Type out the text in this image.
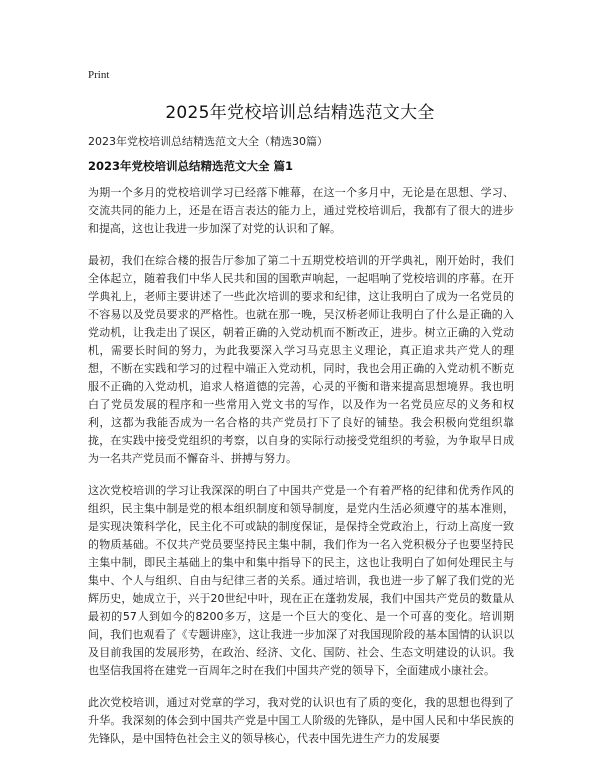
Print
2025年党校培训总结精选范文大全
2023年党校培训总结精选范文大全（精选30篇）
2023年党校培训总结精选范文大全 篇1

为期一个多月的党校培训学习已经落下帷幕，在这一个多月中，无论是在思想、学习、交流共同的能力上，还是在语言表达的能力上，通过党校培训后，我都有了很大的进步和提高，这也让我进一步加深了对党的认识和了解。

最初，我们在综合楼的报告厅参加了第二十五期党校培训的开学典礼，刚开始时，我们全体起立，随着我们中华人民共和国的国歌声响起，一起唱响了党校培训的序幕。在开学典礼上，老师主要讲述了一些此次培训的要求和纪律，这让我明白了成为一名党员的不容易以及党员要求的严格性。也就在那一晚，吴汉桥老师让我明白了什么是正确的入党动机，让我走出了误区，朝着正确的入党动机而不断改正，进步。树立正确的入党动机，需要长时间的努力，为此我要深入学习马克思主义理论，真正追求共产党人的理想，不断在实践和学习的过程中端正入党动机，同时，我也会用正确的入党动机不断克服不正确的入党动机，追求人格道德的完善，心灵的平衡和谐来提高思想境界。我也明白了党员发展的程序和一些常用入党文书的写作，以及作为一名党员应尽的义务和权利，这都为我能否成为一名合格的共产党员打下了良好的铺垫。我会积极向党组织靠拢，在实践中接受党组织的考察，以自身的实际行动接受党组织的考验，为争取早日成为一名共产党员而不懈奋斗、拼搏与努力。

这次党校培训的学习让我深深的明白了中国共产党是一个有着严格的纪律和优秀作风的组织，民主集中制是党的根本组织制度和领导制度，是党内生活必须遵守的基本准则，是实现决策科学化，民主化不可或缺的制度保证，是保持全党政治上，行动上高度一致的物质基础。不仅共产党员要坚持民主集中制，我们作为一名入党积极分子也要坚持民主集中制，即民主基础上的集中和集中指导下的民主，这也让我明白了如何处理民主与集中、个人与组织、自由与纪律三者的关系。通过培训，我也进一步了解了我们党的光辉历史，她成立于，兴于20世纪中叶，现在正在蓬勃发展，我们中国共产党员的数量从最初的57人到如今的8200多万，这是一个巨大的变化、是一个可喜的变化。培训期间，我们也观看了《专题讲座》，这让我进一步加深了对我国现阶段的基本国情的认识以及目前我国的发展形势，在政治、经济、文化、国防、社会、生态文明建设的认识。我也坚信我国将在建党一百周年之时在我们中国共产党的领导下，全面建成小康社会。

此次党校培训，通过对党章的学习，我对党的认识也有了质的变化，我的思想也得到了升华。我深刻的体会到中国共产党是中国工人阶级的先锋队，是中国人民和中华民族的先锋队，是中国特色社会主义的领导核心，代表中国先进生产力的发展要
